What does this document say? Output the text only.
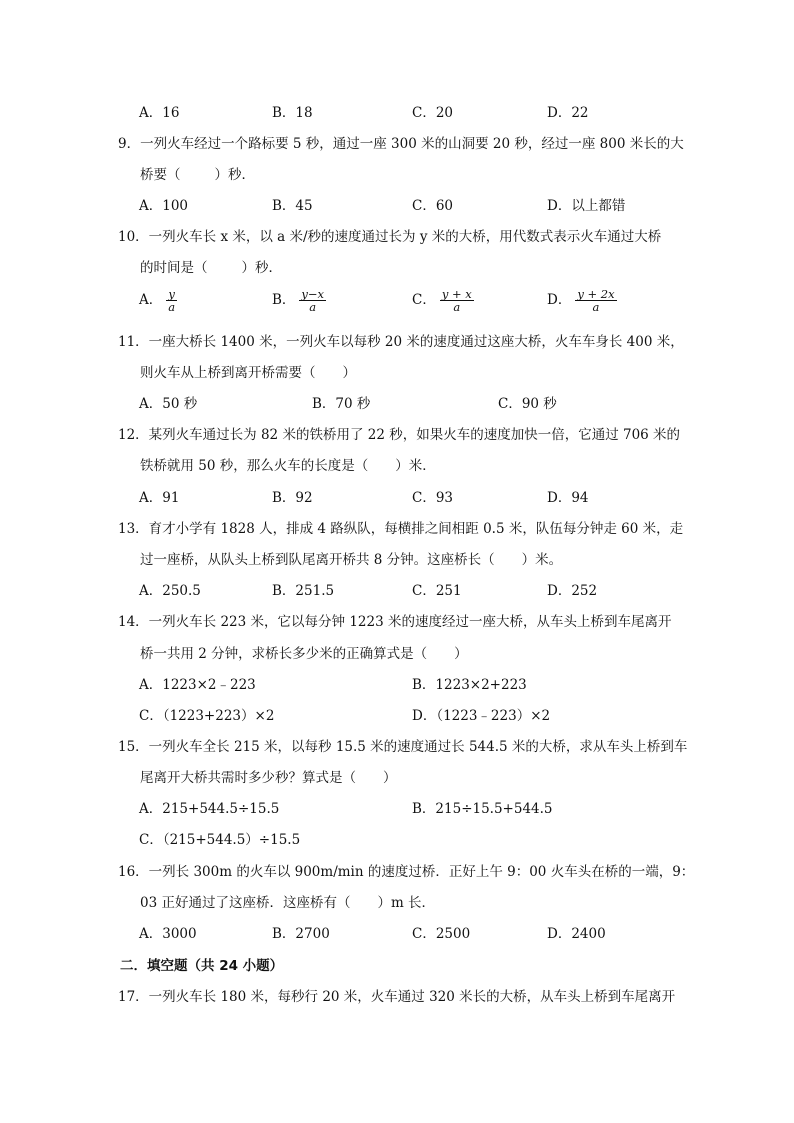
A．16	B．18	C．20	D．22
9．一列火车经过一个路标要 5 秒，通过一座 300 米的山洞要 20 秒，经过一座 800 米长的大
桥要（	）秒．
A．100	B．45	C．60	D．以上都错
10．一列火车长 x 米，以 a 米/秒的速度通过长为 y 米的大桥，用代数式表示火车通过大桥
的时间是（	）秒．
A． $\frac{y}{a}$	B． $\frac{y-x}{a}$	C． $\frac{y + x}{a}$	D． $\frac{y + 2x}{a}$
11．一座大桥长 1400 米，一列火车以每秒 20 米的速度通过这座大桥，火车车身长 400 米，
则火车从上桥到离开桥需要（　　）
A．50 秒	B．70 秒	C．90 秒
12．某列火车通过长为 82 米的铁桥用了 22 秒，如果火车的速度加快一倍，它通过 706 米的
铁桥就用 50 秒，那么火车的长度是（　　）米．
A．91	B．92	C．93	D．94
13．育才小学有 1828 人，排成 4 路纵队，每横排之间相距 0.5 米，队伍每分钟走 60 米，走
过一座桥，从队头上桥到队尾离开桥共 8 分钟。这座桥长（　　）米。
A．250.5	B．251.5	C．251	D．252
14．一列火车长 223 米，它以每分钟 1223 米的速度经过一座大桥，从车头上桥到车尾离开
桥一共用 2 分钟，求桥长多少米的正确算式是（　　）
A．1223×2﹣223	B．1223×2+223
C．（1223+223）×2	D．（1223﹣223）×2
15．一列火车全长 215 米，以每秒 15.5 米的速度通过长 544.5 米的大桥，求从车头上桥到车
尾离开大桥共需时多少秒？算式是（　　）
A．215+544.5÷15.5	B．215÷15.5+544.5
C．（215+544.5）÷15.5
16．一列长 300m 的火车以 900m/min 的速度过桥．正好上午 9：00 火车头在桥的一端，9：
03 正好通过了这座桥．这座桥有（　　）m 长．
A．3000	B．2700	C．2500	D．2400
二．填空题（共 24 小题）
17．一列火车长 180 米，每秒行 20 米，火车通过 320 米长的大桥，从车头上桥到车尾离开
